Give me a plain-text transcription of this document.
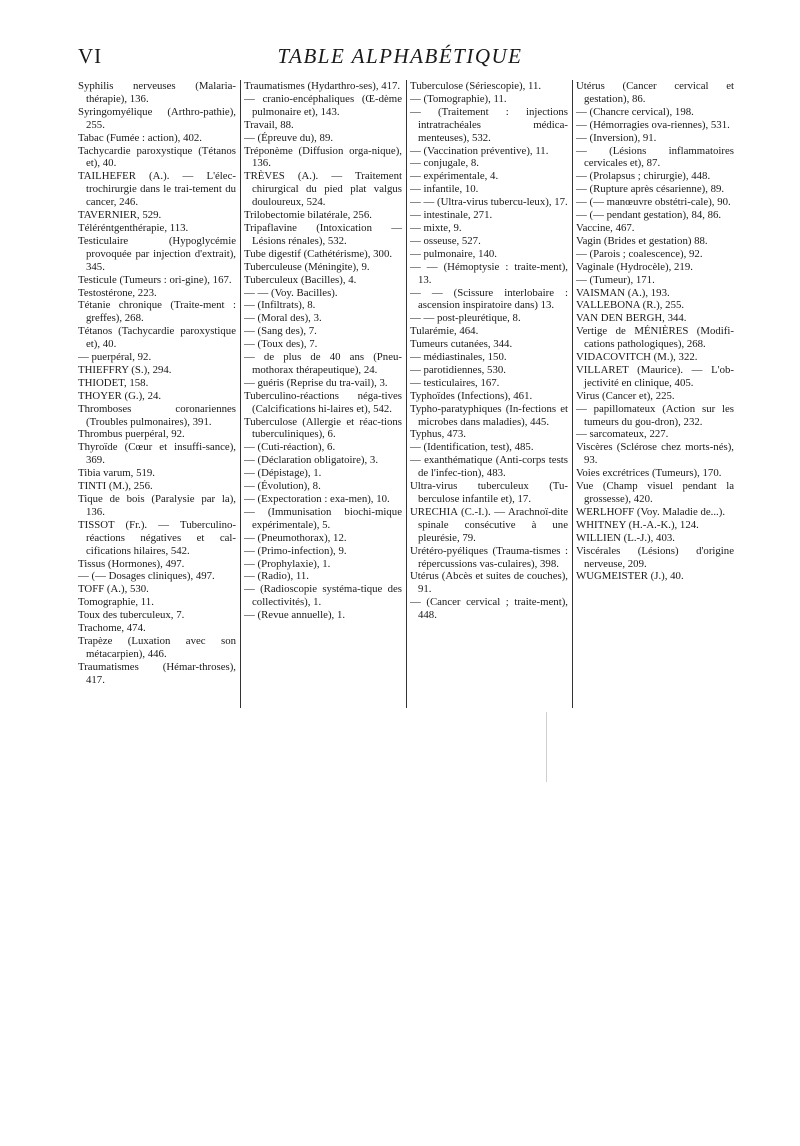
VI	TABLE ALPHABÉTIQUE

Syphilis nerveuses (Malaria-thérapie), 136.

Syringomyélique (Arthro-pathie), 255.

Tabac (Fumée : action), 402.

Tachycardie paroxystique (Tétanos et), 40.

TAILHEFER (A.). — L'élec-trochirurgie dans le trai-tement du cancer, 246.

TAVERNIER, 529.

Téléréntgenthérapie, 113.

Testiculaire (Hypoglycémie provoquée par injection d'extrait), 345.

Testicule (Tumeurs : ori-gine), 167.

Testostérone, 223.

Tétanie chronique (Traite-ment : greffes), 268.

Tétanos (Tachycardie paroxystique et), 40.

— puerpéral, 92.

THIEFFRY (S.), 294.

THIODET, 158.

THOYER (G.), 24.

Thromboses coronariennes (Troubles pulmonaires), 391.

Thrombus puerpéral, 92.

Thyroïde (Cœur et insuffi-sance), 369.

Tibia varum, 519.

TINTI (M.), 256.

Tique de bois (Paralysie par la), 136.

TISSOT (Fr.). — Tuberculino-réactions négatives et cal-cifications hilaires, 542.

Tissus (Hormones), 497.

— (— Dosages cliniques), 497.

TOFF (A.), 530.

Tomographie, 11.

Toux des tuberculeux, 7.

Trachome, 474.

Trapèze (Luxation avec son métacarpien), 446.

Traumatismes (Hémar-throses), 417.

Traumatismes (Hydarthro-ses), 417.

— cranio-encéphaliques (Œ-dème pulmonaire et), 143.

Travail, 88.

— (Épreuve du), 89.

Tréponème (Diffusion orga-nique), 136.

TRÈVES (A.). — Traitement chirurgical du pied plat valgus douloureux, 524.

Trilobectomie bilatérale, 256.

Tripaflavine (Intoxication — Lésions rénales), 532.

Tube digestif (Cathétérisme), 300.

Tuberculeuse (Méningite), 9.

Tuberculeux (Bacilles), 4.

— — (Voy. Bacilles).

— (Infiltrats), 8.

— (Moral des), 3.

— (Sang des), 7.

— (Toux des), 7.

— de plus de 40 ans (Pneu-mothorax thérapeutique), 24.

— guéris (Reprise du tra-vail), 3.

Tuberculino-réactions néga-tives (Calcifications hi-laires et), 542.

Tuberculose (Allergie et réac-tions tuberculiniques), 6.

— (Cuti-réaction), 6.

— (Déclaration obligatoire), 3.

— (Dépistage), 1.

— (Évolution), 8.

— (Expectoration : exa-men), 10.

— (Immunisation biochi-mique expérimentale), 5.

— (Pneumothorax), 12.

— (Primo-infection), 9.

— (Prophylaxie), 1.

— (Radio), 11.

— (Radioscopie systéma-tique des collectivités), 1.

— (Revue annuelle), 1.

Tuberculose (Sériescopie), 11.

— (Tomographie), 11.

— (Traitement : injections intratrachéales médica-menteuses), 532.

— (Vaccination préventive), 11.

— conjugale, 8.

— expérimentale, 4.

— infantile, 10.

— — (Ultra-virus tubercu-leux), 17.

— intestinale, 271.

— mixte, 9.

— osseuse, 527.

— pulmonaire, 140.

— — (Hémoptysie : traite-ment), 13.

— — (Scissure interlobaire : ascension inspiratoire dans) 13.

— — post-pleurétique, 8.

Tularémie, 464.

Tumeurs cutanées, 344.

— médiastinales, 150.

— parotidiennes, 530.

— testiculaires, 167.

Typhoïdes (Infections), 461.

Typho-paratyphiques (In-fections et microbes dans maladies), 445.

Typhus, 473.

— (Identification, test), 485.

— exanthématique (Anti-corps tests de l'infec-tion), 483.

Ultra-virus tuberculeux (Tu-berculose infantile et), 17.

URECHIA (C.-I.). — Arachnoï-dite spinale consécutive à une pleurésie, 79.

Urétéro-pyéliques (Trauma-tismes : répercussions vas-culaires), 398.

Utérus (Abcès et suites de couches), 91.

— (Cancer cervical ; traite-ment), 448.

Utérus (Cancer cervical et gestation), 86.

— (Chancre cervical), 198.

— (Hémorragies ova-riennes), 531.

— (Inversion), 91.

— (Lésions inflammatoires cervicales et), 87.

— (Prolapsus ; chirurgie), 448.

— (Rupture après césarienne), 89.

— (— manœuvre obstétri-cale), 90.

— (— pendant gestation), 84, 86.

Vaccine, 467.

Vagin (Brides et gestation) 88.

— (Parois ; coalescence), 92.

Vaginale (Hydrocèle), 219.

— (Tumeur), 171.

VAISMAN (A.), 193.

VALLEBONA (R.), 255.

VAN DEN BERGH, 344.

Vertige de MÉNIÈRES (Modifi-cations pathologiques), 268.

VIDACOVITCH (M.), 322.

VILLARET (Maurice). — L'ob-jectivité en clinique, 405.

Virus (Cancer et), 225.

— papillomateux (Action sur les tumeurs du gou-dron), 232.

— sarcomateux, 227.

Viscères (Sclérose chez morts-nés), 93.

Voies excrétrices (Tumeurs), 170.

Vue (Champ visuel pendant la grossesse), 420.

WERLHOFF (Voy. Maladie de...).

WHITNEY (H.-A.-K.), 124.

WILLIEN (L.-J.), 403.

Viscérales (Lésions) d'origine nerveuse, 209.

WUGMEISTER (J.), 40.
